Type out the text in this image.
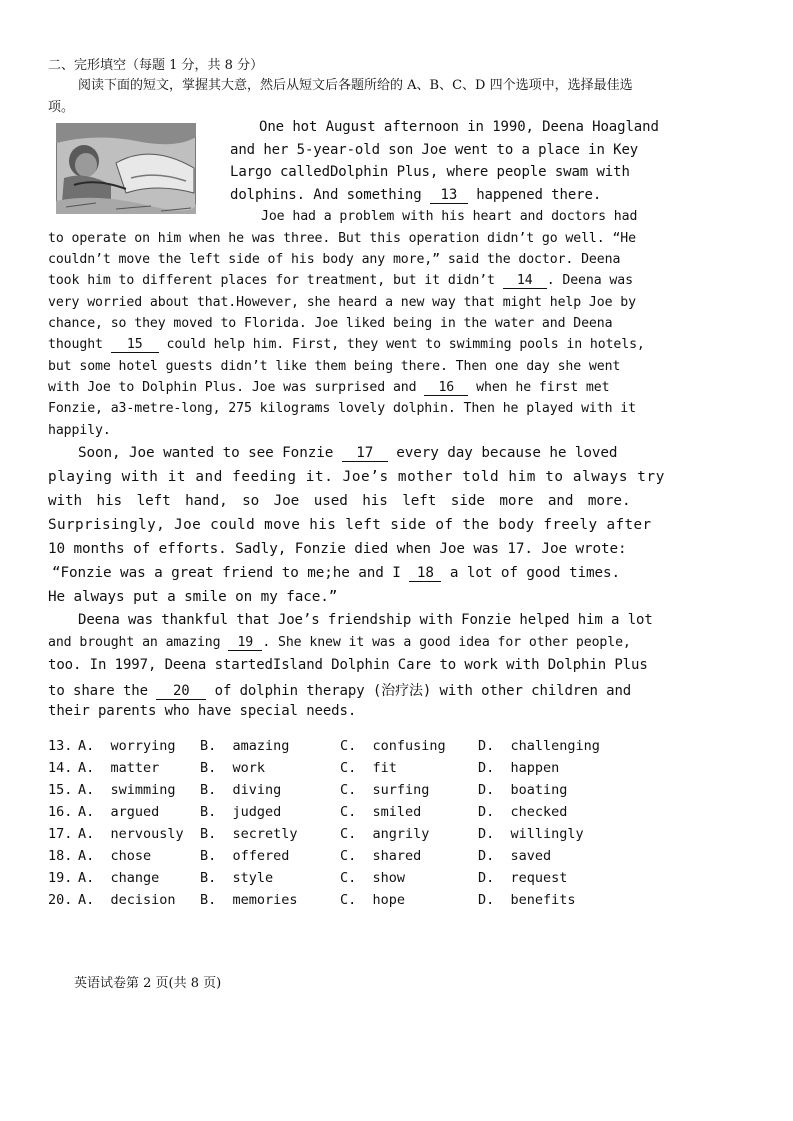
二、完形填空（每题 1 分，共 8 分）
阅读下面的短文，掌握其大意，然后从短文后各题所给的 A、B、C、D 四个选项中，选择最佳选项。
One hot August afternoon in 1990, Deena Hoagland
and her 5-year-old son Joe went to a place in Key
Largo calledDolphin Plus, where people swam with
dolphins. And something 13 happened there.
Joe had a problem with his heart and doctors had
to operate on him when he was three. But this operation didn’t go well. “He
couldn’t move the left side of his body any more,” said the doctor. Deena
took him to different places for treatment, but it didn’t 14 . Deena was
very worried about that.However, she heard a new way that might help Joe by
chance, so they moved to Florida. Joe liked being in the water and Deena
thought 15 could help him. First, they went to swimming pools in hotels,
but some hotel guests didn’t like them being there. Then one day she went
with Joe to Dolphin Plus. Joe was surprised and 16 when he first met
Fonzie, a3-metre-long, 275 kilograms lovely dolphin. Then he played with it
happily.
Soon, Joe wanted to see Fonzie 17 every day because he loved
playing with it and feeding it. Joe’s mother told him to always try
with his left hand, so Joe used his left side more and more.
Surprisingly, Joe could move his left side of the body freely after
10 months of efforts. Sadly, Fonzie died when Joe was 17. Joe wrote:
“Fonzie was a great friend to me;he and I 18 a lot of good times.
He always put a smile on my face.”
Deena was thankful that Joe’s friendship with Fonzie helped him a lot
and brought an amazing 19 . She knew it was a good idea for other people,
too. In 1997, Deena startedIsland Dolphin Care to work with Dolphin Plus
to share the 20 of dolphin therapy (治疗法) with other children and
their parents who have special needs.
13. A.  worrying B.  amazing	C.  confusing D.  challenging
14. A.  matter	B.  work	C.  fit	D.  happen
15. A.  swimming B.  diving	C.  surfing	D.  boating
16. A.  argued	B.  judged	C.  smiled	D.  checked
17. A.  nervously B.  secretly	C.  angrily	D.  willingly
18. A.  chose	B.  offered	C.  shared	D.  saved
19. A.  change	B.  style	C.  show	D.  request
20. A.  decision B.  memories	C.  hope	D.  benefits
英语试卷第 2 页(共 8 页)
